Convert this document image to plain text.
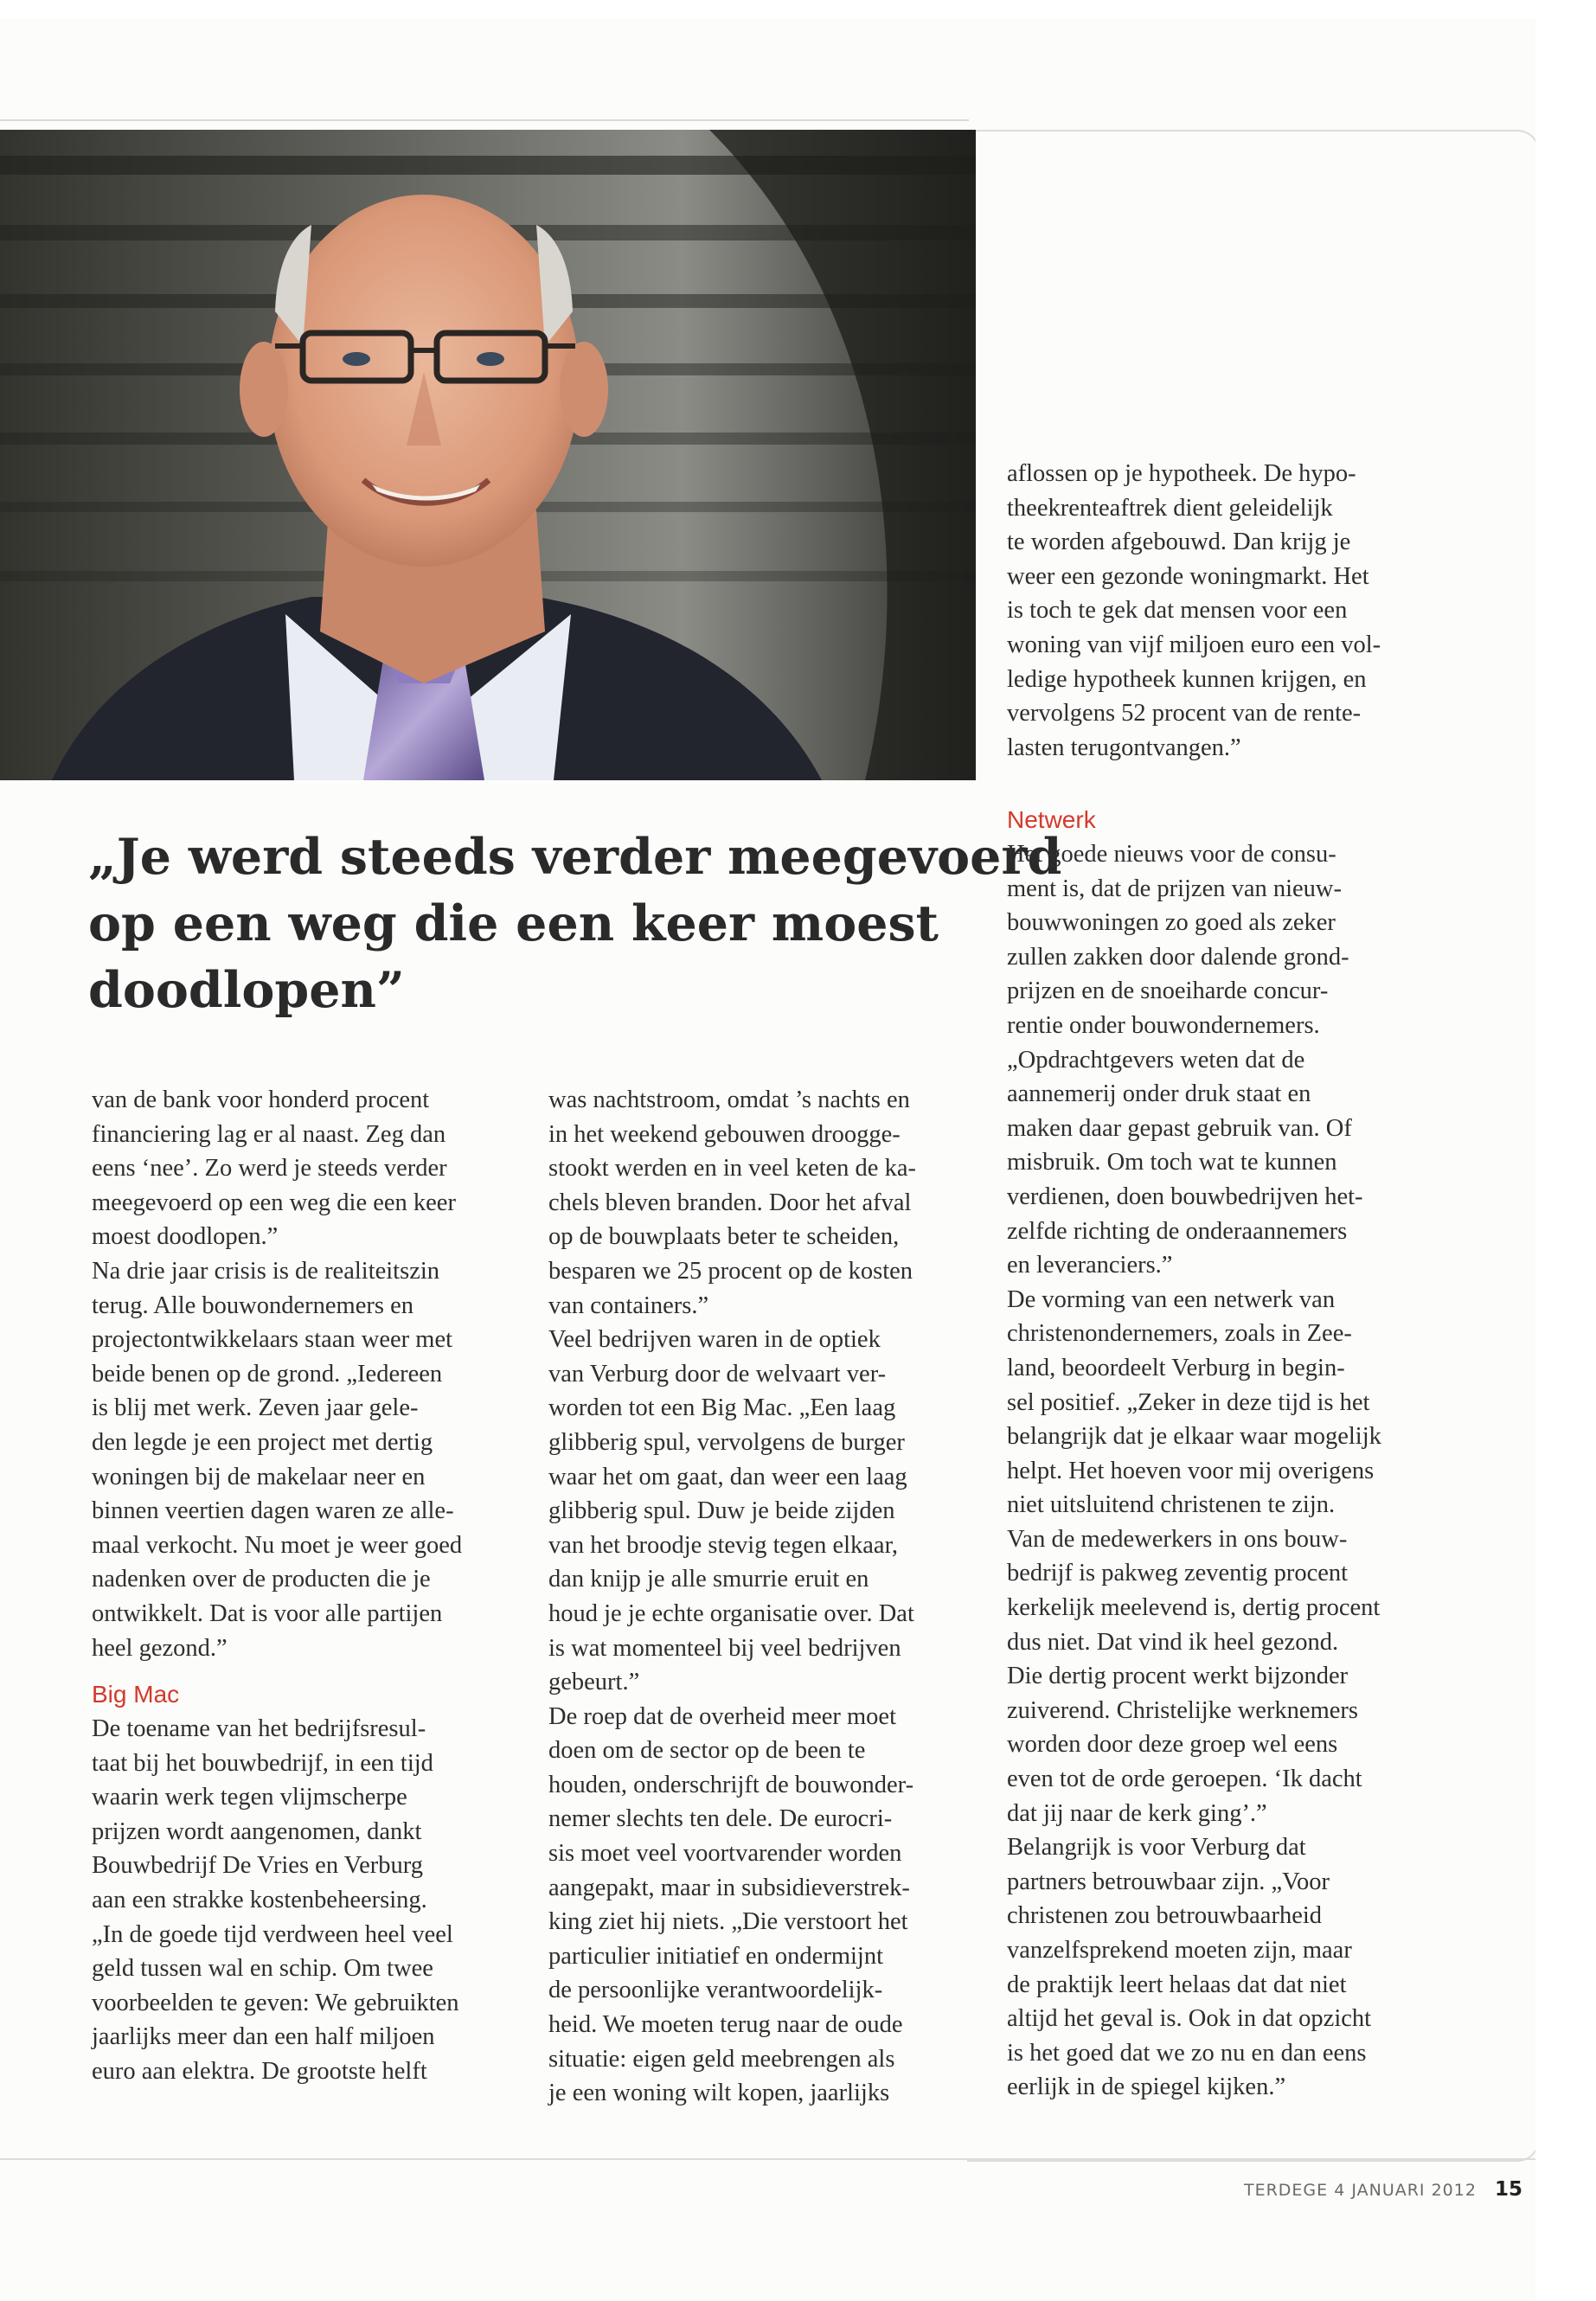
„Je werd steeds verder meegevoerd
op een weg die een keer moest
doodlopen”

van de bank voor honderd procent
financiering lag er al naast. Zeg dan
eens ‘nee’. Zo werd je steeds verder
meegevoerd op een weg die een keer
moest doodlopen.”
Na drie jaar crisis is de realiteitszin
terug. Alle bouwondernemers en
projectontwikkelaars staan weer met
beide benen op de grond. „Iedereen
is blij met werk. Zeven jaar gele-
den legde je een project met dertig
woningen bij de makelaar neer en
binnen veertien dagen waren ze alle-
maal verkocht. Nu moet je weer goed
nadenken over de producten die je
ontwikkelt. Dat is voor alle partijen
heel gezond.”

Big Mac

De toename van het bedrijfsresul-
taat bij het bouwbedrijf, in een tijd
waarin werk tegen vlijmscherpe
prijzen wordt aangenomen, dankt
Bouwbedrijf De Vries en Verburg
aan een strakke kostenbeheersing.
„In de goede tijd verdween heel veel
geld tussen wal en schip. Om twee
voorbeelden te geven: We gebruikten
jaarlijks meer dan een half miljoen
euro aan elektra. De grootste helft

was nachtstroom, omdat ’s nachts en
in het weekend gebouwen drooggе-
stookt werden en in veel keten de ka-
chels bleven branden. Door het afval
op de bouwplaats beter te scheiden,
besparen we 25 procent op de kosten
van containers.”
Veel bedrijven waren in de optiek
van Verburg door de welvaart ver-
worden tot een Big Mac. „Een laag
glibberig spul, vervolgens de burger
waar het om gaat, dan weer een laag
glibberig spul. Duw je beide zijden
van het broodje stevig tegen elkaar,
dan knijp je alle smurrie eruit en
houd je je echte organisatie over. Dat
is wat momenteel bij veel bedrijven
gebeurt.”
De roep dat de overheid meer moet
doen om de sector op de been te
houden, onderschrijft de bouwonder-
nemer slechts ten dele. De eurocri-
sis moet veel voortvarender worden
aangepakt, maar in subsidieverstrek-
king ziet hij niets. „Die verstoort het
particulier initiatief en ondermijnt
de persoonlijke verantwoordelijk-
heid. We moeten terug naar de oude
situatie: eigen geld meebrengen als
je een woning wilt kopen, jaarlijks

aflossen op je hypotheek. De hypo-
theekrenteaftrek dient geleidelijk
te worden afgebouwd. Dan krijg je
weer een gezonde woningmarkt. Het
is toch te gek dat mensen voor een
woning van vijf miljoen euro een vol-
ledige hypotheek kunnen krijgen, en
vervolgens 52 procent van de rente-
lasten terugontvangen.”

Netwerk

Het goede nieuws voor de consu-
ment is, dat de prijzen van nieuw-
bouwwoningen zo goed als zeker
zullen zakken door dalende grond-
prijzen en de snoeiharde concur-
rentie onder bouwondernemers.
„Opdrachtgevers weten dat de
aannemerij onder druk staat en
maken daar gepast gebruik van. Of
misbruik. Om toch wat te kunnen
verdienen, doen bouwbedrijven het-
zelfde richting de onderaannemers
en leveranciers.”
De vorming van een netwerk van
christenondernemers, zoals in Zee-
land, beoordeelt Verburg in begin-
sel positief. „Zeker in deze tijd is het
belangrijk dat je elkaar waar mogelijk
helpt. Het hoeven voor mij overigens
niet uitsluitend christenen te zijn.
Van de medewerkers in ons bouw-
bedrijf is pakweg zeventig procent
kerkelijk meelevend is, dertig procent
dus niet. Dat vind ik heel gezond.
Die dertig procent werkt bijzonder
zuiverend. Christelijke werknemers
worden door deze groep wel eens
even tot de orde geroepen. ‘Ik dacht
dat jij naar de kerk ging’.”
Belangrijk is voor Verburg dat
partners betrouwbaar zijn. „Voor
christenen zou betrouwbaarheid
vanzelfsprekend moeten zijn, maar
de praktijk leert helaas dat dat niet
altijd het geval is. Ook in dat opzicht
is het goed dat we zo nu en dan eens
eerlijk in de spiegel kijken.”

TERDEGE 4 JANUARI 2012 15
